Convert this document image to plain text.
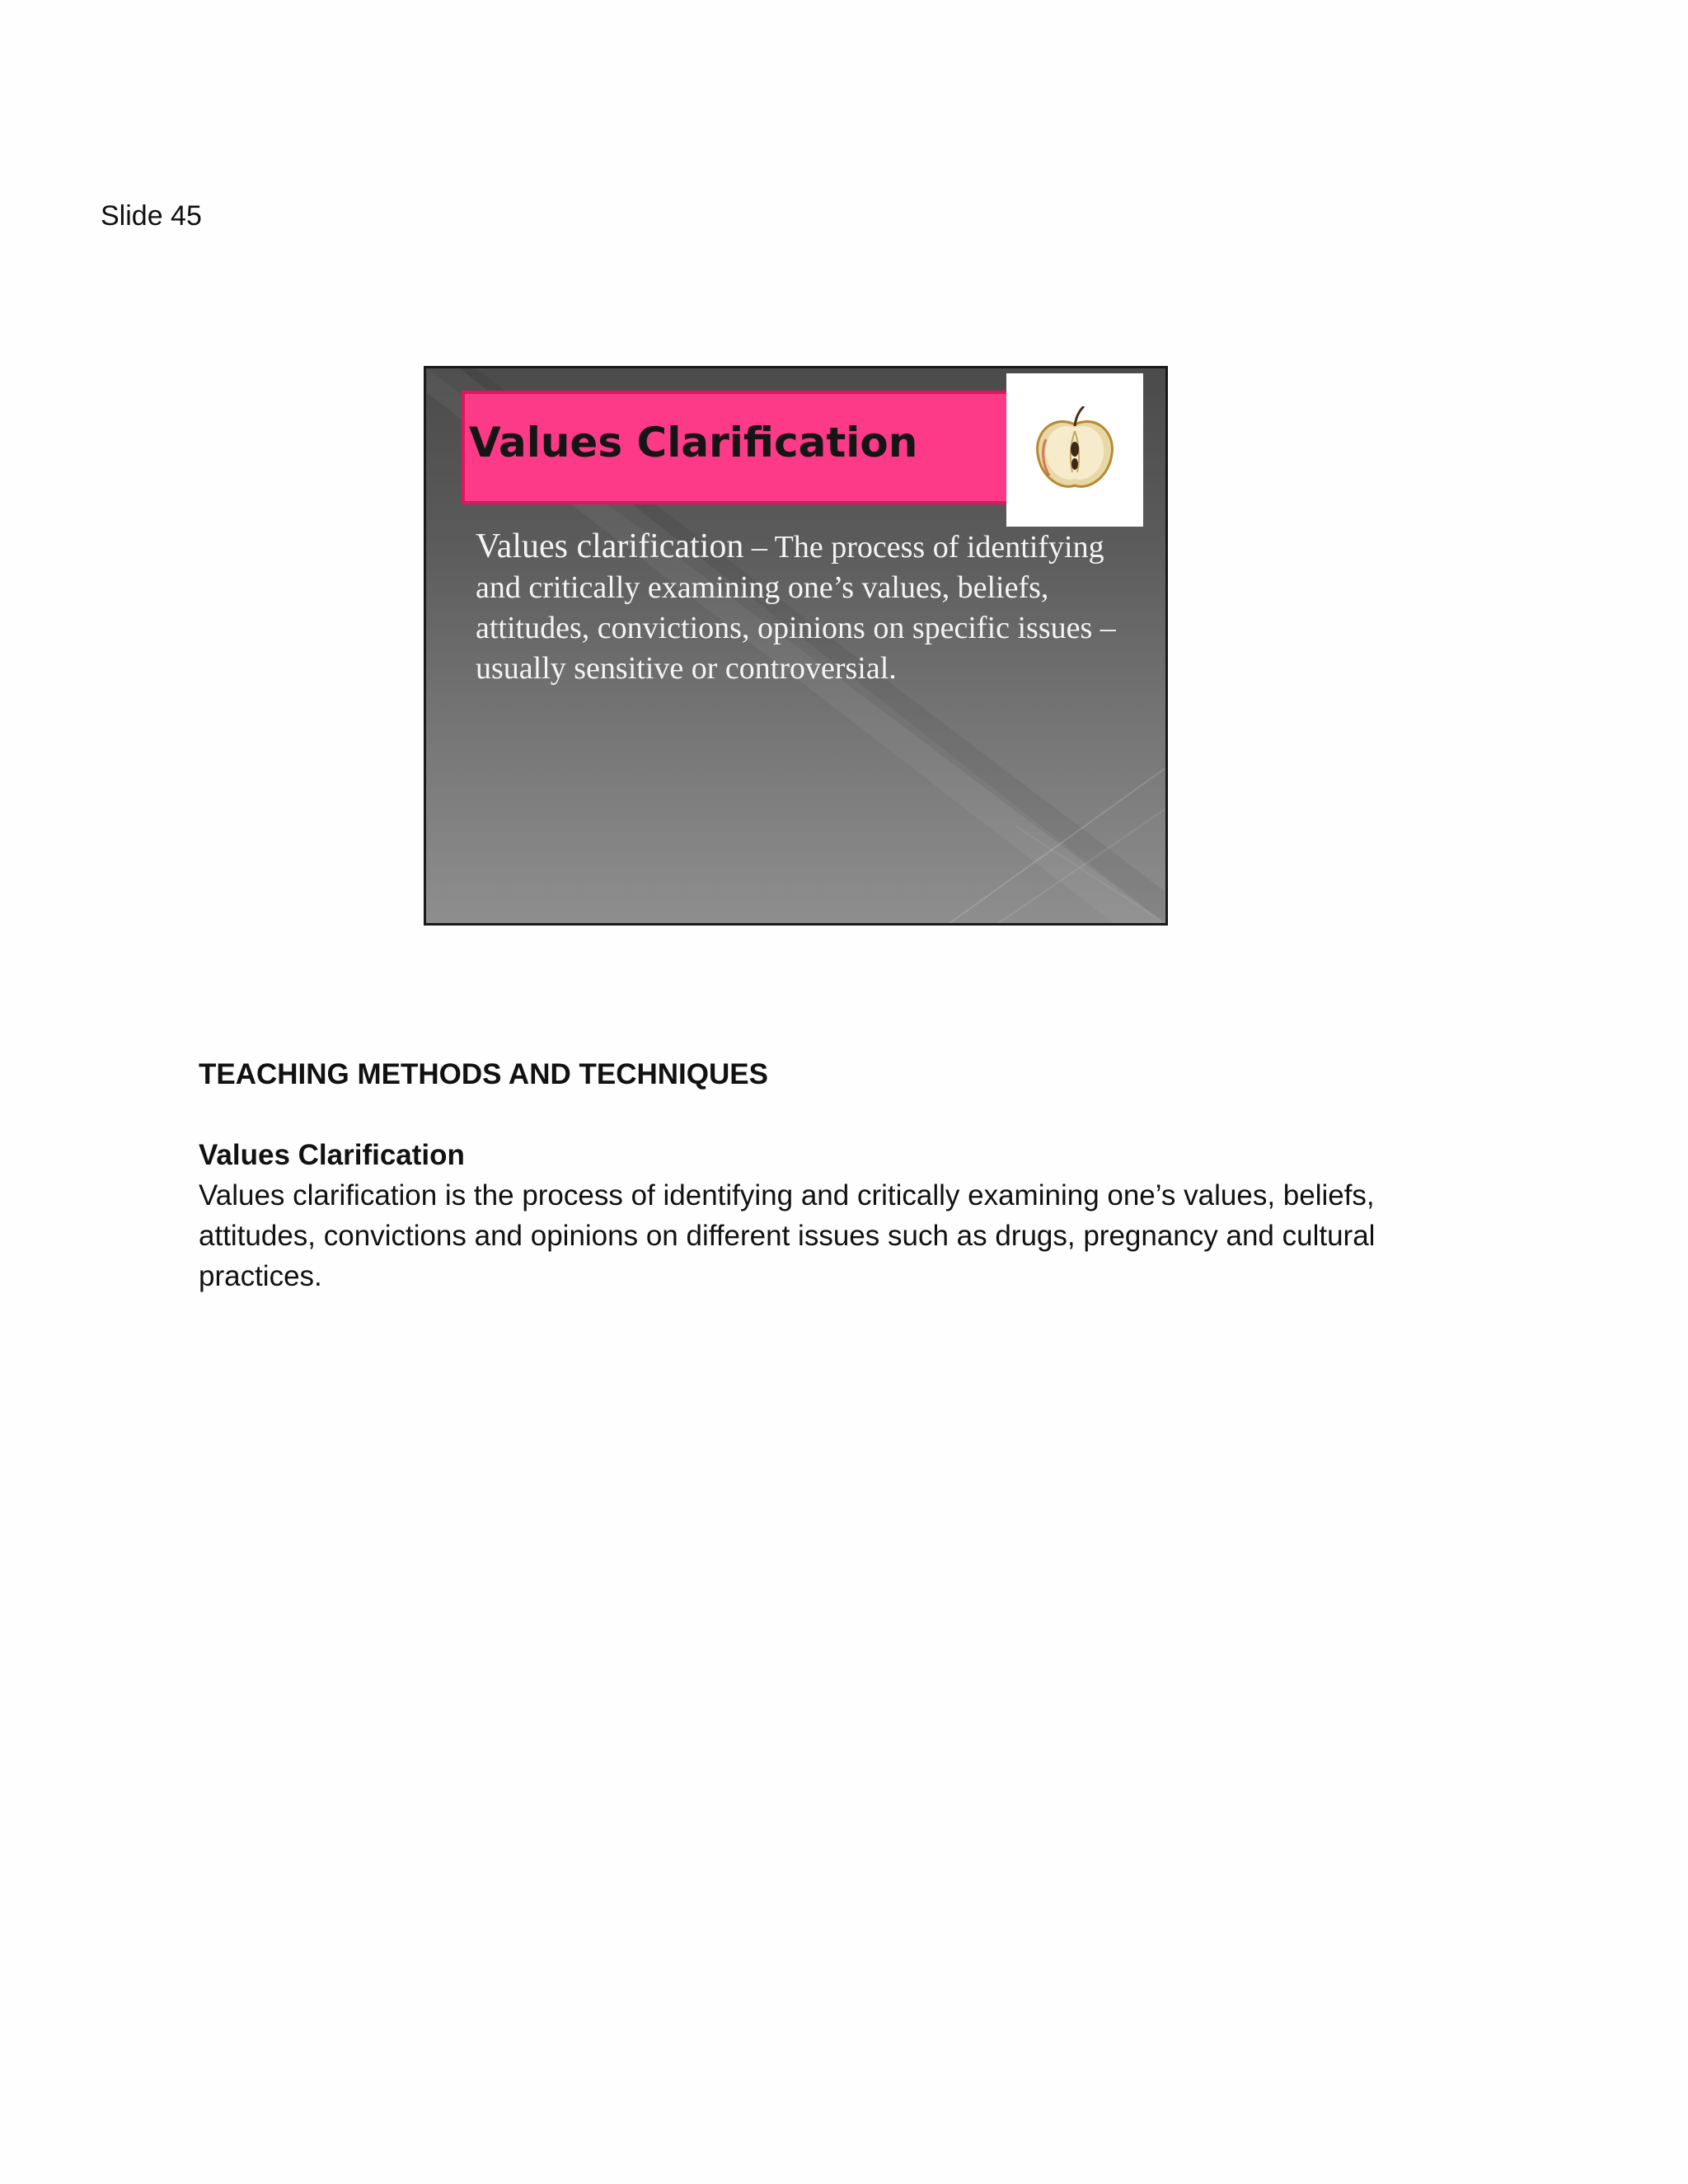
Slide 45
Values Clarification
Values clarification – The process of identifying and critically examining one’s values, beliefs, attitudes, convictions, opinions on specific issues – usually sensitive or controversial.
TEACHING METHODS AND TECHNIQUES
Values Clarification

Values clarification is the process of identifying and critically examining one’s values, beliefs, attitudes, convictions and opinions on different issues such as drugs, pregnancy and cultural practices.
